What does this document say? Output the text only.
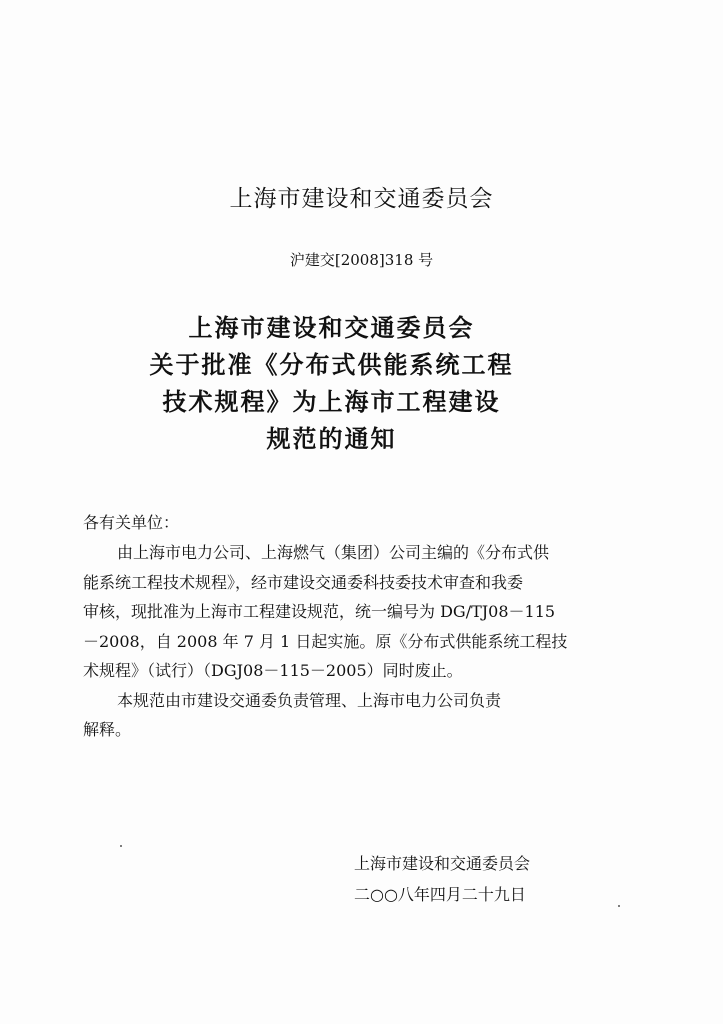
上海市建设和交通委员会
沪建交[2008]318 号
上海市建设和交通委员会
关于批准《分布式供能系统工程
技术规程》为上海市工程建设
规范的通知
各有关单位：
由上海市电力公司、上海燃气（集团）公司主编的《分布式供
能系统工程技术规程》，经市建设交通委科技委技术审查和我委
审核，现批准为上海市工程建设规范，统一编号为 DG/TJ08－115
－2008，自 2008 年 7 月 1 日起实施。原《分布式供能系统工程技
术规程》（试行）（DGJ08－115－2005）同时废止。
本规范由市建设交通委负责管理、上海市电力公司负责
解释。
上海市建设和交通委员会
二○○八年四月二十九日
